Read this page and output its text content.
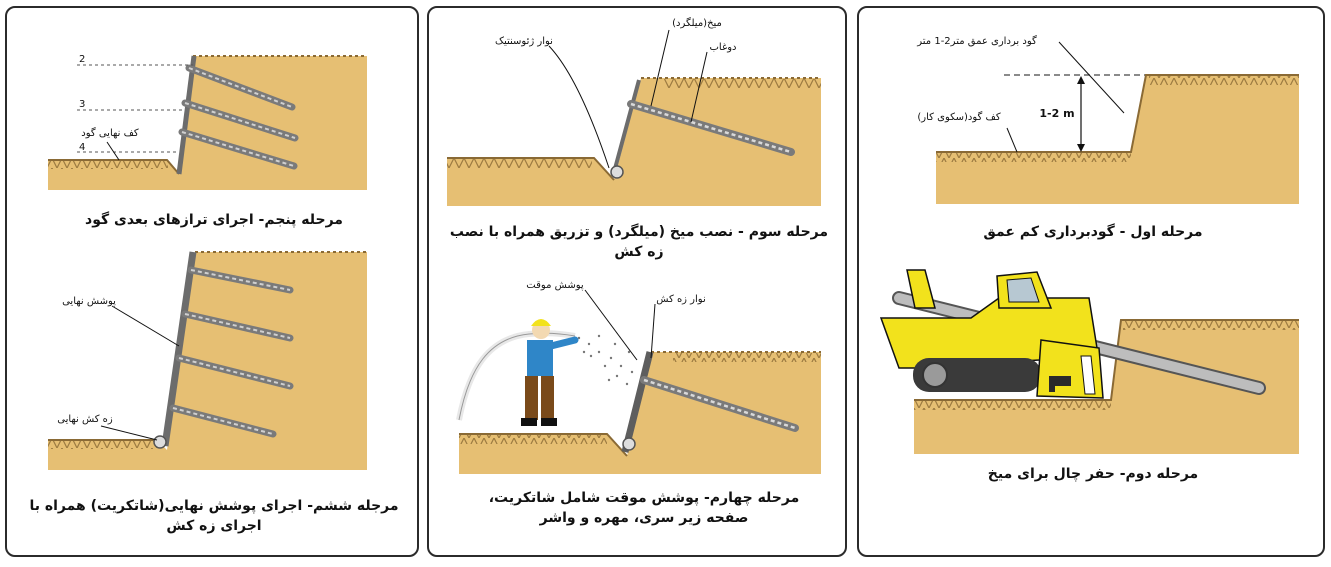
2
3
4
کف نهایی گود
پوشش نهایی
زه کش نهایی
مرحله پنجم- اجرای ترازهای بعدی گود
مرجله ششم- اجرای پوشش نهایی(شاتکریت) همراه با اجرای زه کش
نوار ژئوسنتیک
میخ(میلگرد)
دوغاب
پوشش موقت
نوار زه کش
مرحله سوم - نصب میخ (میلگرد) و تزریق همراه با نصب زه کش
مرحله چهارم- پوشش موقت شامل شاتکریت، صفحه زیر سری، مهره و واشر
1-2 m
گود برداری عمق متر2-1 متر
کف گود(سکوی کار)
مرحله اول - گودبرداری کم عمق
مرحله دوم- حفر چال برای میخ
